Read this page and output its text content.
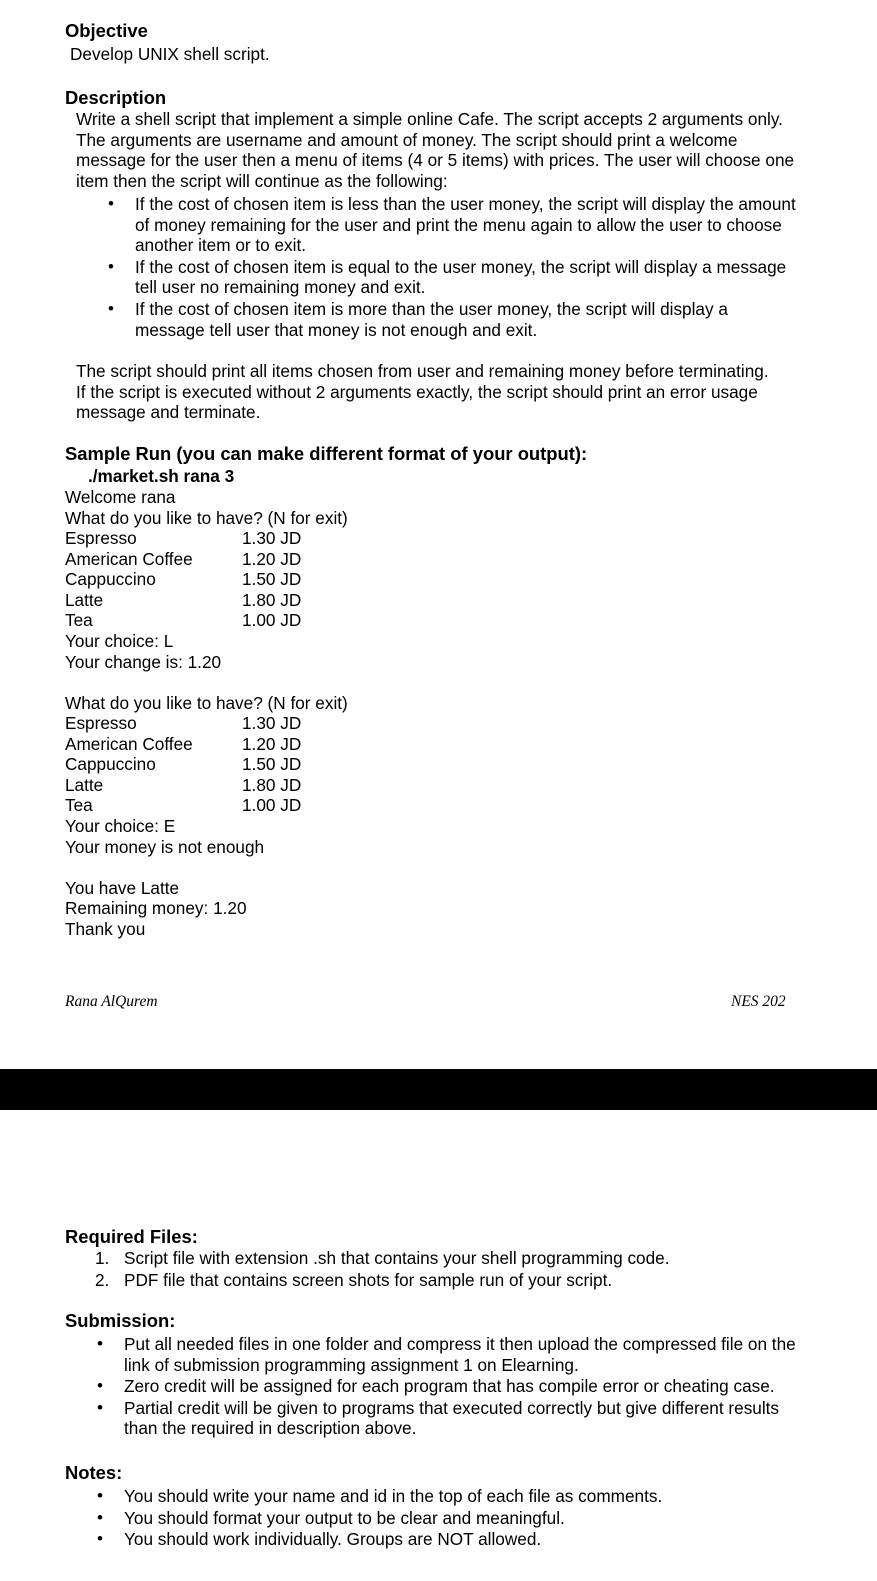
Objective
Develop UNIX shell script.
Description
Write a shell script that implement a simple online Cafe. The script accepts 2 arguments only.
The arguments are username and amount of money. The script should print a welcome
message for the user then a menu of items (4 or 5 items) with prices. The user will choose one
item then the script will continue as the following:
• If the cost of chosen item is less than the user money, the script will display the amount
of money remaining for the user and print the menu again to allow the user to choose
another item or to exit.
• If the cost of chosen item is equal to the user money, the script will display a message
tell user no remaining money and exit.
• If the cost of chosen item is more than the user money, the script will display a
message tell user that money is not enough and exit.
The script should print all items chosen from user and remaining money before terminating.
If the script is executed without 2 arguments exactly, the script should print an error usage
message and terminate.
Sample Run (you can make different format of your output):
./market.sh rana 3
Welcome rana
What do you like to have? (N for exit)
Espresso	1.30 JD
American Coffee	1.20 JD
Cappuccino	1.50 JD
Latte	1.80 JD
Tea	1.00 JD
Your choice: L
Your change is: 1.20
What do you like to have? (N for exit)
Espresso	1.30 JD
American Coffee	1.20 JD
Cappuccino	1.50 JD
Latte	1.80 JD
Tea	1.00 JD
Your choice: E
Your money is not enough
You have Latte
Remaining money: 1.20
Thank you
Rana AlQurem	NES 202
Required Files:
1. Script file with extension .sh that contains your shell programming code.
2. PDF file that contains screen shots for sample run of your script.
Submission:
• Put all needed files in one folder and compress it then upload the compressed file on the
link of submission programming assignment 1 on Elearning.
• Zero credit will be assigned for each program that has compile error or cheating case.
• Partial credit will be given to programs that executed correctly but give different results
than the required in description above.
Notes:
• You should write your name and id in the top of each file as comments.
• You should format your output to be clear and meaningful.
• You should work individually. Groups are NOT allowed.
